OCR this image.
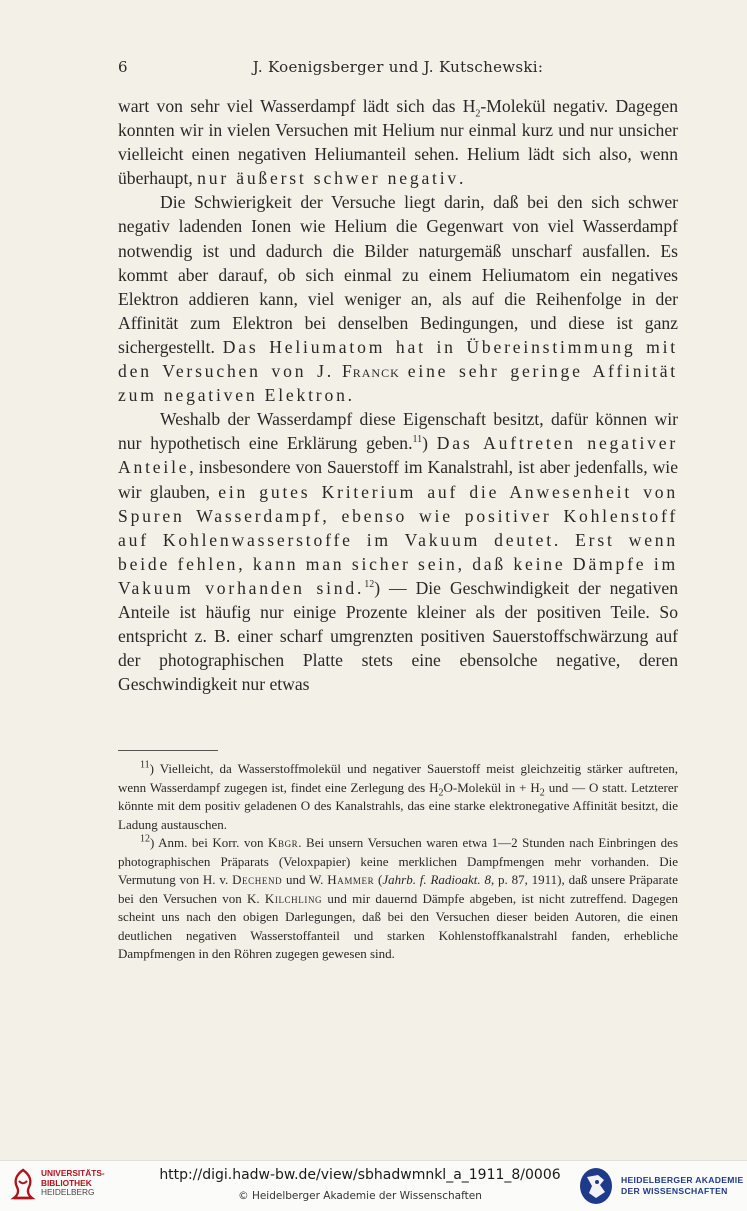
6	J. Koenigsberger und J. Kutschewski:

wart von sehr viel Wasserdampf lädt sich das $H_2$-Molekül negativ. Dagegen konnten wir in vielen Versuchen mit Helium nur einmal kurz und nur unsicher vielleicht einen negativen Heliumanteil sehen. Helium lädt sich also, wenn überhaupt, nur äußerst schwer negativ.

Die Schwierigkeit der Versuche liegt darin, daß bei den sich schwer negativ ladenden Ionen wie Helium die Gegenwart von viel Wasserdampf notwendig ist und dadurch die Bilder naturgemäß unscharf ausfallen. Es kommt aber darauf, ob sich einmal zu einem Heliumatom ein negatives Elektron addieren kann, viel weniger an, als auf die Reihenfolge in der Affinität zum Elektron bei denselben Bedingungen, und diese ist ganz sichergestellt. Das Heliumatom hat in Übereinstimmung mit den Versuchen von J. Franck eine sehr geringe Affinität zum negativen Elektron.

Weshalb der Wasserdampf diese Eigenschaft besitzt, dafür können wir nur hypothetisch eine Erklärung geben.$^{11}$) Das Auftreten negativer Anteile, insbesondere von Sauerstoff im Kanalstrahl, ist aber jedenfalls, wie wir glauben, ein gutes Kriterium auf die Anwesenheit von Spuren Wasserdampf, ebenso wie positiver Kohlenstoff auf Kohlenwasserstoffe im Vakuum deutet. Erst wenn beide fehlen, kann man sicher sein, daß keine Dämpfe im Vakuum vorhanden sind.$^{12}$) — Die Geschwindigkeit der negativen Anteile ist häufig nur einige Prozente kleiner als der positiven Teile. So entspricht z. B. einer scharf umgrenzten positiven Sauerstoffschwärzung auf der photographischen Platte stets eine ebensolche negative, deren Geschwindigkeit nur etwas

$^{11}$) Vielleicht, da Wasserstoffmolekül und negativer Sauerstoff meist gleichzeitig stärker auftreten, wenn Wasserdampf zugegen ist, findet eine Zerlegung des $H_2O$-Molekül in + $H_2$ und — O statt. Letzterer könnte mit dem positiv geladenen O des Kanalstrahls, das eine starke elektronegative Affinität besitzt, die Ladung austauschen.

$^{12}$) Anm. bei Korr. von Kbgr. Bei unsern Versuchen waren etwa 1—2 Stunden nach Einbringen des photographischen Präparats (Veloxpapier) keine merklichen Dampfmengen mehr vorhanden. Die Vermutung von H. v. Dechend und W. Hammer (Jahrb. f. Radioakt. 8, p. 87, 1911), daß unsere Präparate bei den Versuchen von K. Kilchling und mir dauernd Dämpfe abgeben, ist nicht zutreffend. Dagegen scheint uns nach den obigen Darlegungen, daß bei den Versuchen dieser beiden Autoren, die einen deutlichen negativen Wasserstoffanteil und starken Kohlenstoffkanalstrahl fanden, erhebliche Dampfmengen in den Röhren zugegen gewesen sind.

UNIVERSITÄTS-
BIBLIOTHEK
HEIDELBERG
http://digi.hadw-bw.de/view/sbhadwmnkl_a_1911_8/0006
© Heidelberger Akademie der Wissenschaften
HEIDELBERGER AKADEMIE
DER WISSENSCHAFTEN
